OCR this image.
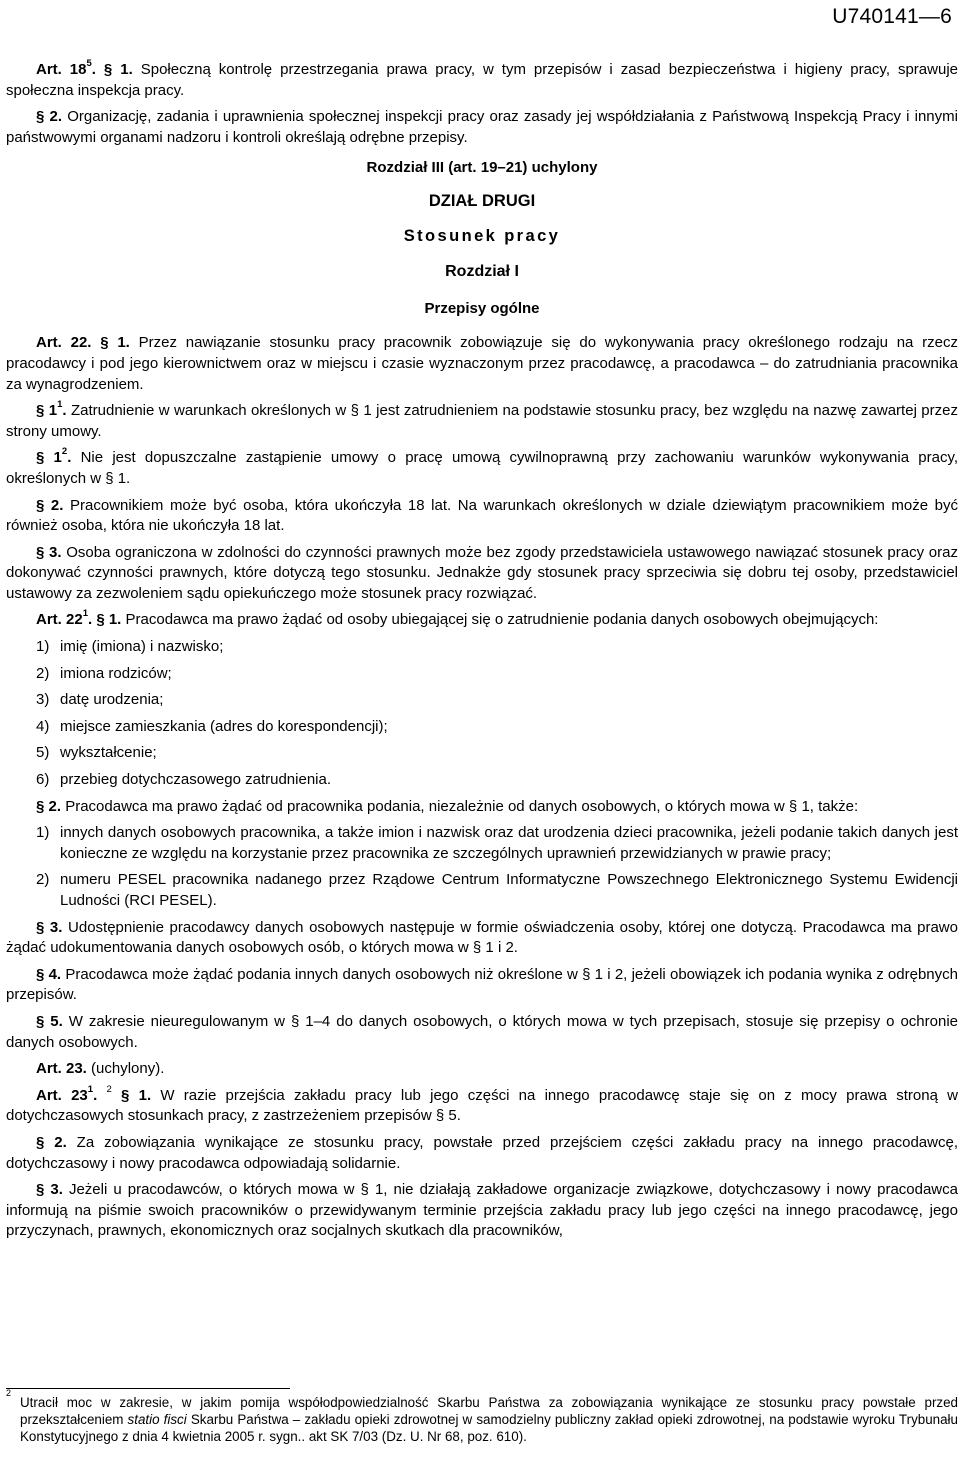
U740141—6

Art. $18^5$. § 1. Społeczną kontrolę przestrzegania prawa pracy, w tym przepisów i zasad bezpieczeństwa i higieny pracy, sprawuje społeczna inspekcja pracy.

§ 2. Organizację, zadania i uprawnienia społecznej inspekcji pracy oraz zasady jej współdziałania z Państwową Inspekcją Pracy i innymi państwowymi organami nadzoru i kontroli określają odrębne przepisy.

Rozdział III (art. 19–21) uchylony

DZIAŁ DRUGI

Stosunek pracy

Rozdział I

Przepisy ogólne

Art. 22. § 1. Przez nawiązanie stosunku pracy pracownik zobowiązuje się do wykonywania pracy określonego rodzaju na rzecz pracodawcy i pod jego kierownictwem oraz w miejscu i czasie wyznaczonym przez pracodawcę, a pracodawca – do zatrudniania pracownika za wynagrodzeniem.

§ $1^1$. Zatrudnienie w warunkach określonych w § 1 jest zatrudnieniem na podstawie stosunku pracy, bez względu na nazwę zawartej przez strony umowy.

§ $1^2$. Nie jest dopuszczalne zastąpienie umowy o pracę umową cywilnoprawną przy zachowaniu warunków wykonywania pracy, określonych w § 1.

§ 2. Pracownikiem może być osoba, która ukończyła 18 lat. Na warunkach określonych w dziale dziewiątym pracownikiem może być również osoba, która nie ukończyła 18 lat.

§ 3. Osoba ograniczona w zdolności do czynności prawnych może bez zgody przedstawiciela ustawowego nawiązać stosunek pracy oraz dokonywać czynności prawnych, które dotyczą tego stosunku. Jednakże gdy stosunek pracy sprzeciwia się dobru tej osoby, przedstawiciel ustawowy za zezwoleniem sądu opiekuńczego może stosunek pracy rozwiązać.

Art. $22^1$. § 1. Pracodawca ma prawo żądać od osoby ubiegającej się o zatrudnienie podania danych osobowych obejmujących:

1) imię (imiona) i nazwisko;
2) imiona rodziców;
3) datę urodzenia;
4) miejsce zamieszkania (adres do korespondencji);
5) wykształcenie;
6) przebieg dotychczasowego zatrudnienia.

§ 2. Pracodawca ma prawo żądać od pracownika podania, niezależnie od danych osobowych, o których mowa w § 1, także:

1) innych danych osobowych pracownika, a także imion i nazwisk oraz dat urodzenia dzieci pracownika, jeżeli podanie takich danych jest konieczne ze względu na korzystanie przez pracownika ze szczególnych uprawnień przewidzianych w prawie pracy;
2) numeru PESEL pracownika nadanego przez Rządowe Centrum Informatyczne Powszechnego Elektronicznego Systemu Ewidencji Ludności (RCI PESEL).

§ 3. Udostępnienie pracodawcy danych osobowych następuje w formie oświadczenia osoby, której one dotyczą. Pracodawca ma prawo żądać udokumentowania danych osobowych osób, o których mowa w § 1 i 2.

§ 4. Pracodawca może żądać podania innych danych osobowych niż określone w § 1 i 2, jeżeli obowiązek ich podania wynika z odrębnych przepisów.

§ 5. W zakresie nieuregulowanym w § 1–4 do danych osobowych, o których mowa w tych przepisach, stosuje się przepisy o ochronie danych osobowych.

Art. 23. (uchylony).

Art. $23^1$. $^2$ § 1. W razie przejścia zakładu pracy lub jego części na innego pracodawcę staje się on z mocy prawa stroną w dotychczasowych stosunkach pracy, z zastrzeżeniem przepisów § 5.

§ 2. Za zobowiązania wynikające ze stosunku pracy, powstałe przed przejściem części zakładu pracy na innego pracodawcę, dotychczasowy i nowy pracodawca odpowiadają solidarnie.

§ 3. Jeżeli u pracodawców, o których mowa w § 1, nie działają zakładowe organizacje związkowe, dotychczasowy i nowy pracodawca informują na piśmie swoich pracowników o przewidywanym terminie przejścia zakładu pracy lub jego części na innego pracodawcę, jego przyczynach, prawnych, ekonomicznych oraz socjalnych skutkach dla pracowników,

2
Utracił moc w zakresie, w jakim pomija współodpowiedzialność Skarbu Państwa za zobowiązania wynikające ze stosunku pracy powstałe przed przekształceniem statio fisci Skarbu Państwa – zakładu opieki zdrowotnej w samodzielny publiczny zakład opieki zdrowotnej, na podstawie wyroku Trybunału Konstytucyjnego z dnia 4 kwietnia 2005 r. sygn.. akt SK 7/03 (Dz. U. Nr 68, poz. 610).
